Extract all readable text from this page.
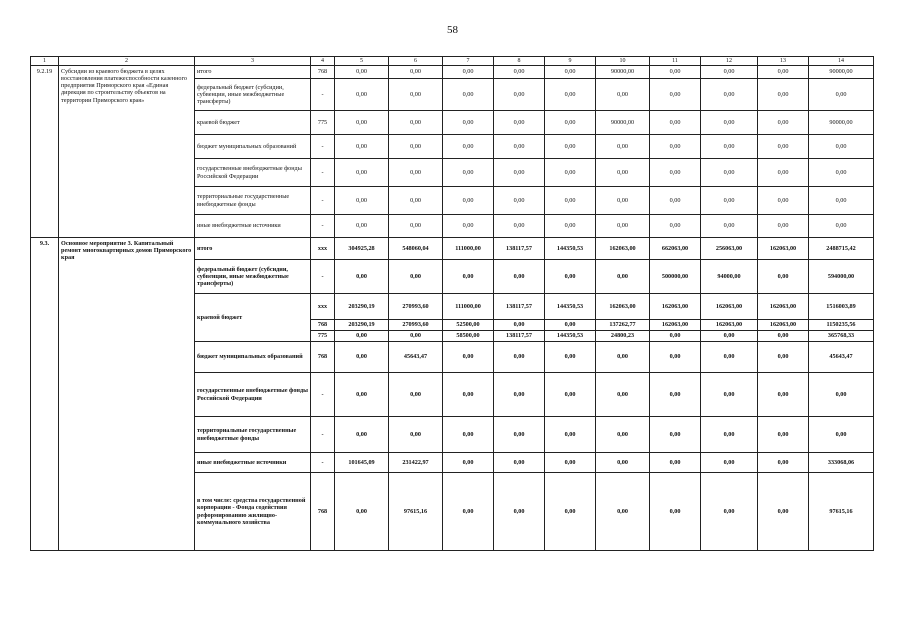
58
1	2	3	4	5	6	7	8	9	10	11	12	13	14
9.2.19	Субсидии из краевого бюджета в целях восстановления платежеспособности казенного предприятия Приморского края «Единая дирекция по строительству объектов на территории Приморского края»	итого	768	0,00	0,00	0,00	0,00	0,00	90000,00	0,00	0,00	0,00	90000,00
		федеральный бюджет (субсидии, субвенции, иные межбюджетные трансферты)	-	0,00	0,00	0,00	0,00	0,00	0,00	0,00	0,00	0,00	0,00
		краевой бюджет	775	0,00	0,00	0,00	0,00	0,00	90000,00	0,00	0,00	0,00	90000,00
		бюджет муниципальных образований	-	0,00	0,00	0,00	0,00	0,00	0,00	0,00	0,00	0,00	0,00
		государственные внебюджетные фонды Российской Федерации	-	0,00	0,00	0,00	0,00	0,00	0,00	0,00	0,00	0,00	0,00
		территориальные государственные внебюджетные фонды	-	0,00	0,00	0,00	0,00	0,00	0,00	0,00	0,00	0,00	0,00
		иные внебюджетные источники	-	0,00	0,00	0,00	0,00	0,00	0,00	0,00	0,00	0,00	0,00
9.3.	Основное мероприятие 3. Капитальный ремонт многоквартирных домов Приморского края	итого	xxx	304925,28	548060,04	111000,00	138117,57	144350,53	162063,00	662063,00	256063,00	162063,00	2488715,42
		федеральный бюджет (субсидии, субвенции, иные межбюджетные трансферты)	-	0,00	0,00	0,00	0,00	0,00	0,00	500000,00	94000,00	0,00	594000,00
		краевой бюджет	xxx	203290,19	270993,60	111000,00	138117,57	144350,53	162063,00	162063,00	162063,00	162063,00	1516003,89
			768	203290,19	270993,60	52500,00	0,00	0,00	137262,77	162063,00	162063,00	162063,00	1150235,56
			775	0,00	0,00	58500,00	138117,57	144350,53	24800,23	0,00	0,00	0,00	365768,33
		бюджет муниципальных образований	768	0,00	45643,47	0,00	0,00	0,00	0,00	0,00	0,00	0,00	45643,47
		государственные внебюджетные фонды Российской Федерации	-	0,00	0,00	0,00	0,00	0,00	0,00	0,00	0,00	0,00	0,00
		территориальные государственные внебюджетные фонды	-	0,00	0,00	0,00	0,00	0,00	0,00	0,00	0,00	0,00	0,00
		иные внебюджетные источники	-	101645,09	231422,97	0,00	0,00	0,00	0,00	0,00	0,00	0,00	333068,06
		в том числе: средства государственной корпорации - Фонда содействия реформированию жилищно-коммунального хозяйства	768	0,00	97615,16	0,00	0,00	0,00	0,00	0,00	0,00	0,00	97615,16
